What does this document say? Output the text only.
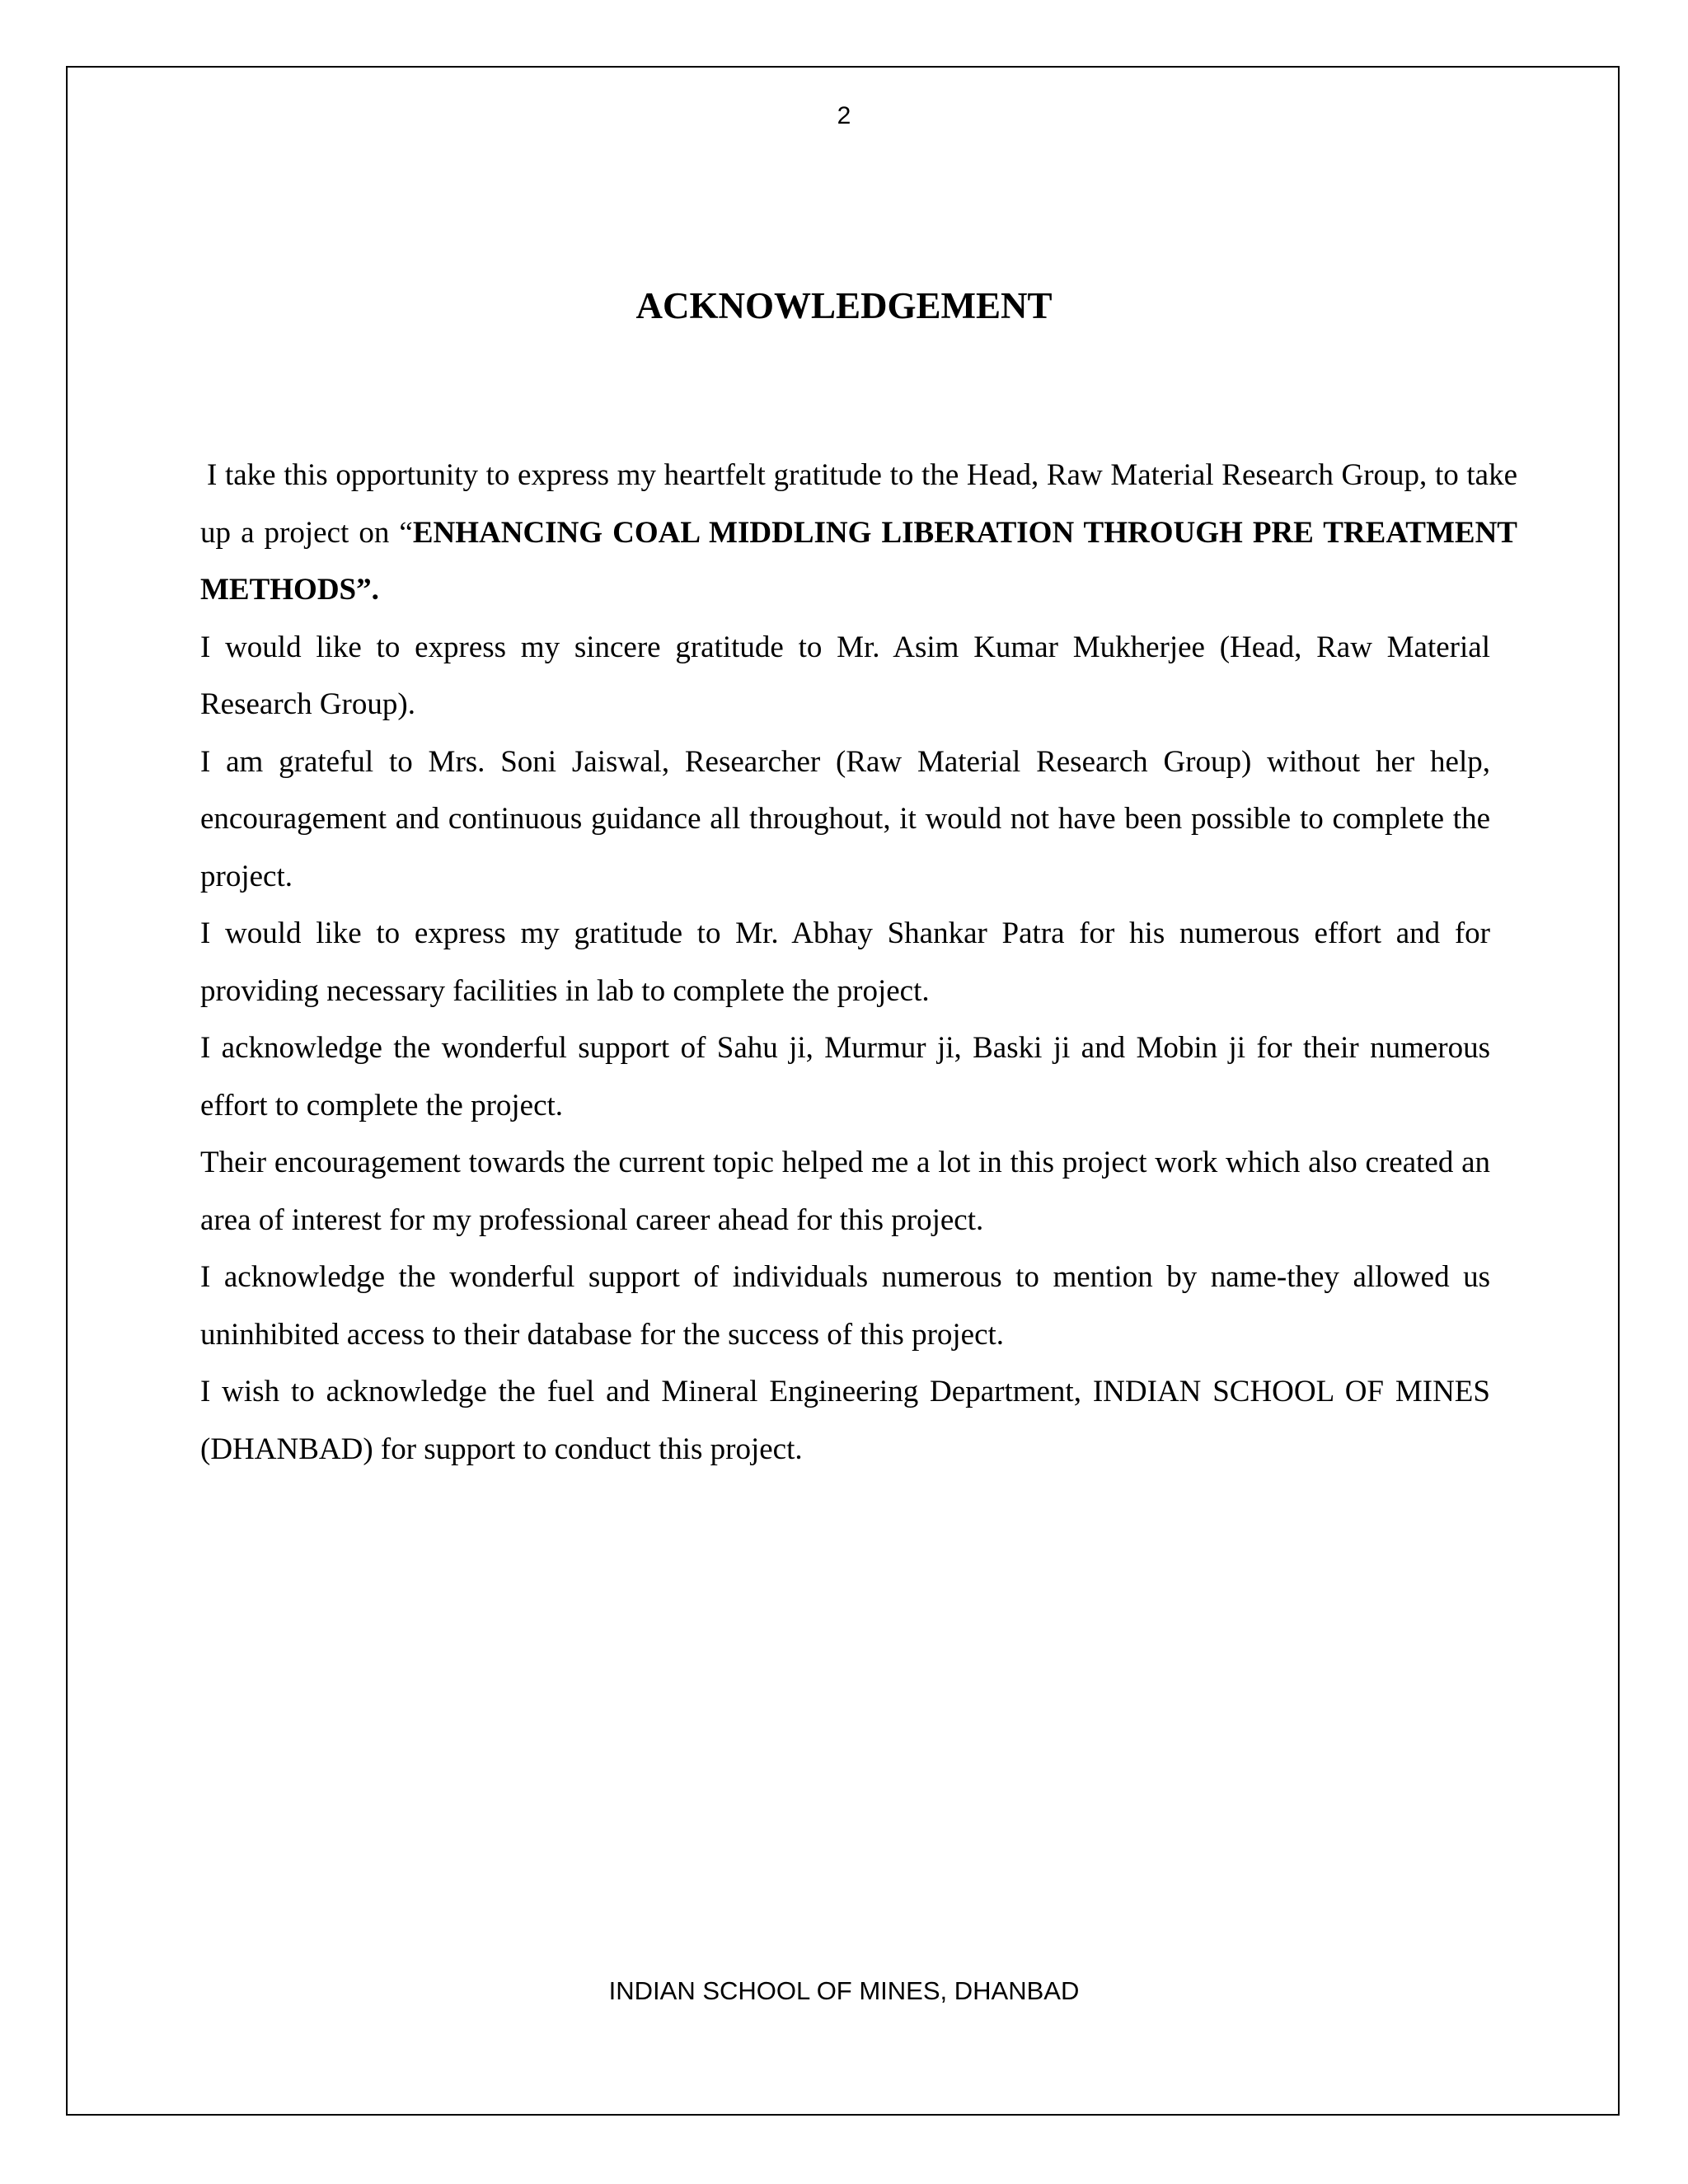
2
ACKNOWLEDGEMENT

I take this opportunity to express my heartfelt gratitude to the Head, Raw Material Research Group, to take up a project on “ENHANCING COAL MIDDLING LIBERATION THROUGH PRE TREATMENT METHODS”.

I would like to express my sincere gratitude to Mr. Asim Kumar Mukherjee (Head, Raw Material Research Group).

I am grateful to Mrs. Soni Jaiswal, Researcher (Raw Material Research Group) without her help, encouragement and continuous guidance all throughout, it would not have been possible to complete the project.

I would like to express my gratitude to Mr. Abhay Shankar Patra for his numerous effort and for providing necessary facilities in lab to complete the project.

I acknowledge the wonderful support of Sahu ji, Murmur ji, Baski ji and Mobin ji for their numerous effort to complete the project.

Their encouragement towards the current topic helped me a lot in this project work which also created an area of interest for my professional career ahead for this project.

I acknowledge the wonderful support of individuals numerous to mention by name-they allowed us uninhibited access to their database for the success of this project.

I wish to acknowledge the fuel and Mineral Engineering Department, INDIAN SCHOOL OF MINES (DHANBAD) for support to conduct this project.

INDIAN SCHOOL OF MINES, DHANBAD
